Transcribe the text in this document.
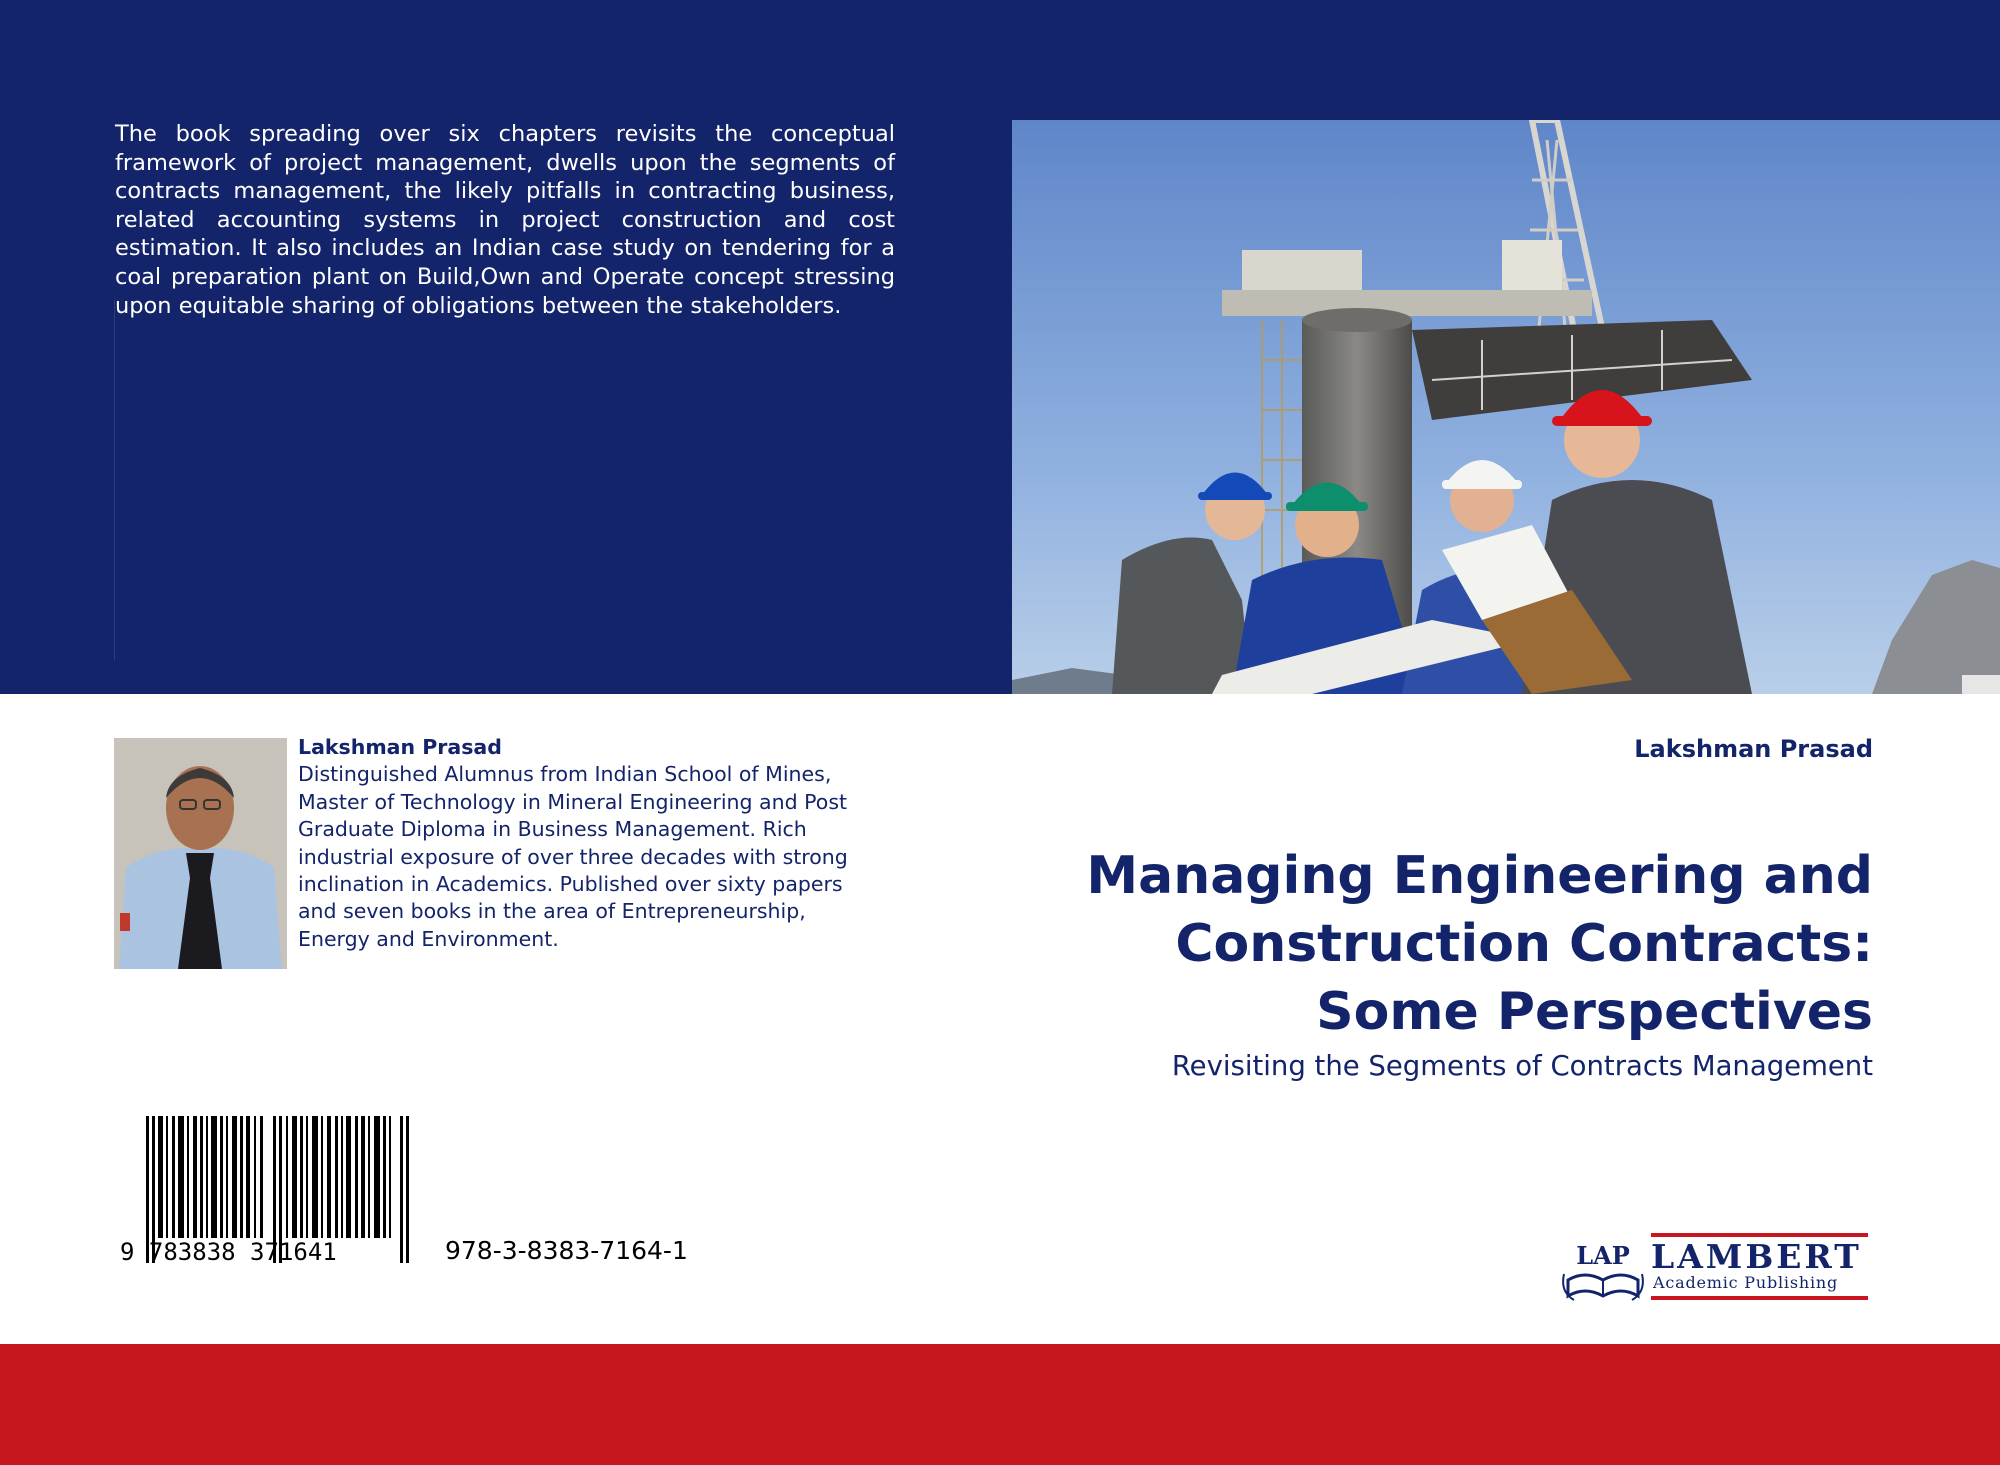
The book spreading over six chapters revisits the conceptual framework of project management, dwells upon the segments of contracts management, the likely pitfalls in contracting business, related accounting systems in project construction and cost estimation. It also includes an Indian case study on tendering for a coal preparation plant on Build,Own and Operate concept stressing upon equitable sharing of obligations between the stakeholders.
Lakshman Prasad
Distinguished Alumnus from Indian School of Mines, Master of Technology in Mineral Engineering and Post Graduate Diploma in Business Management. Rich industrial exposure of over three decades with strong inclination in Academics. Published over sixty papers and seven books in the area of Entrepreneurship, Energy and Environment.
Lakshman Prasad
Managing Engineering and
Construction Contracts:
Some Perspectives
Revisiting the Segments of Contracts Management
9 783838 371641	978-3-8383-7164-1	LAP LAMBERT
Academic Publishing
